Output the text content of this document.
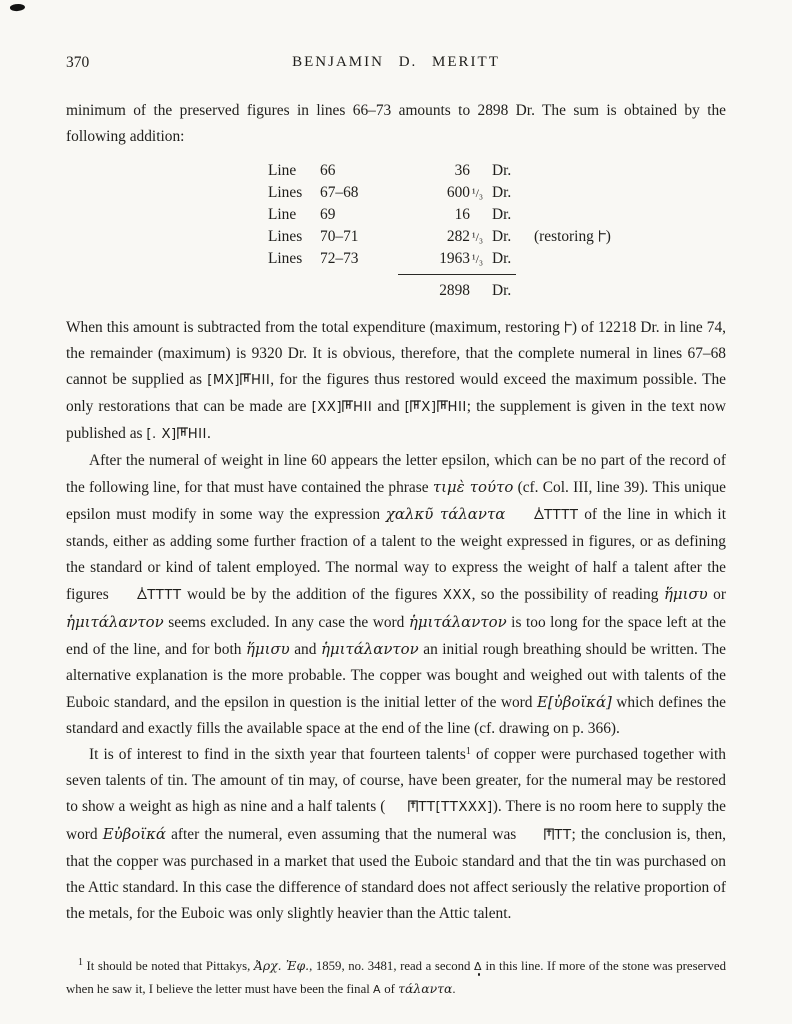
370	BENJAMIN D. MERITT

minimum of the preserved figures in lines 66–73 amounts to 2898 Dr. The sum is obtained by the following addition:

Line	66	36 Dr.
Lines	67–68	600 ¹/₃ Dr.
Line	69	16 Dr.
Lines	70–71	282 ¹/₃ Dr.	(restoring )
Lines	72–73	1963 ¹/₃ Dr.
2898 Dr.

When this amount is subtracted from the total expenditure (maximum, restoring ) of 12218 Dr. in line 74, the remainder (maximum) is 9320 Dr. It is obvious, therefore, that the complete numeral in lines 67–68 cannot be supplied as [ΜΧ] ΗΙΙ, for the figures thus restored would exceed the maximum possible. The only restorations that can be made are [ΧΧ] ΗΙΙ and [ Χ] ΗΙΙ; the supplement is given in the text now published as [. Χ] ΗΙΙ.

After the numeral of weight in line 60 appears the letter epsilon, which can be no part of the record of the following line, for that must have contained the phrase τιμὲ τούτο (cf. Col. III, line 39). This unique epsilon must modify in some way the expression χαλκῦ τάλαντα	ΤΤΤΤ of the line in which it stands, either as adding some further fraction of a talent to the weight expressed in figures, or as defining the standard or kind of talent employed. The normal way to express the weight of half a talent after the figures ΤΤΤΤ would be by the addition of the figures ΧΧΧ, so the possibility of reading ἥμισυ or ἡμιτάλαντον seems excluded. In any case the word ἡμιτάλαντον is too long for the space left at the end of the line, and for both ἥμισυ and ἡμιτάλαντον an initial rough breathing should be written. The alternative explanation is the more probable. The copper was bought and weighed out with talents of the Euboic standard, and the epsilon in question is the initial letter of the word Ε[ὐβοϊκά] which defines the standard and exactly fills the available space at the end of the line (cf. drawing on p. 366).

It is of interest to find in the sixth year that fourteen talents$^1$ of copper were purchased together with seven talents of tin. The amount of tin may, of course, have been greater, for the numeral may be restored to show a weight as high as nine and a half talents ( ΤΤ[ΤΤΧΧΧ]). There is no room here to supply the word Εὐβοϊκά after the numeral, even assuming that the numeral was ΤΤ; the conclusion is, then, that the copper was purchased in a market that used the Euboic standard and that the tin was purchased on the Attic standard. In this case the difference of standard does not affect seriously the relative proportion of the metals, for the Euboic was only slightly heavier than the Attic talent.

$^1$ It should be noted that Pittakys, Ἀρχ. Ἐφ., 1859, no. 3481, read a second Δ in this line. If more of the stone was preserved when he saw it, I believe the letter must have been the final Α of τάλαντα.
